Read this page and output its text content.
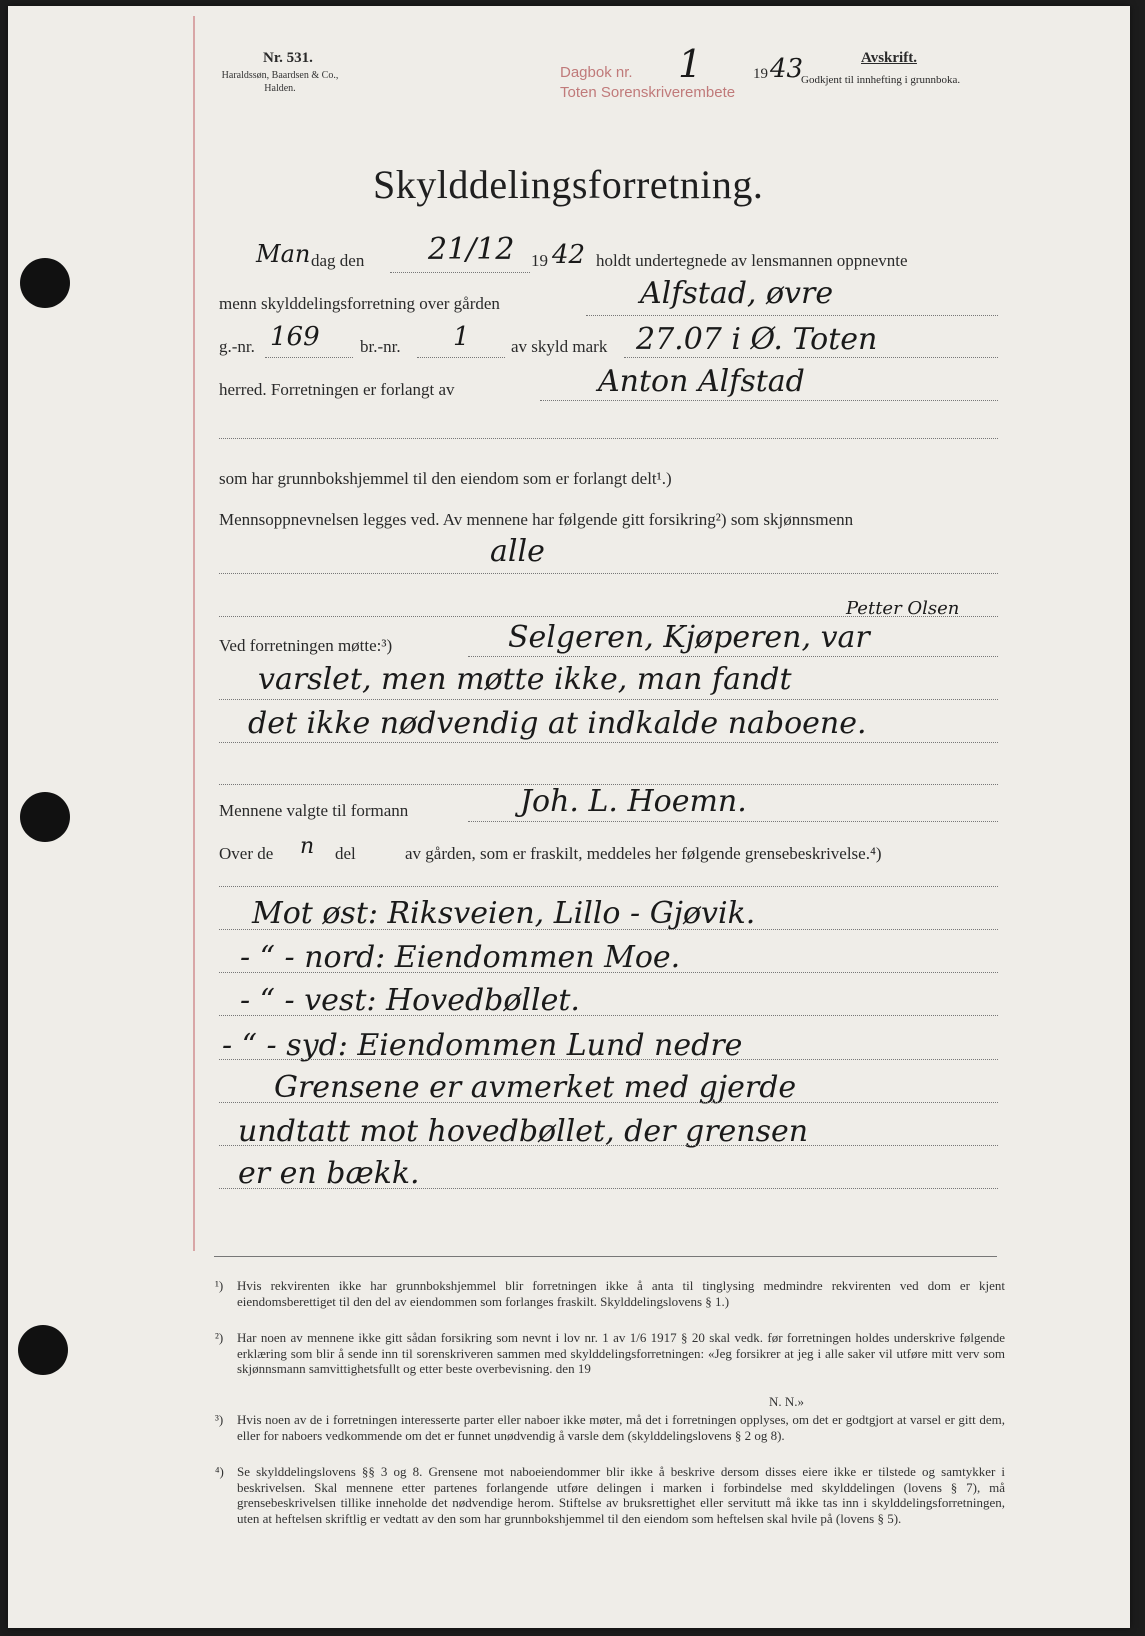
Nr. 531.
Haraldssøn, Baardsen & Co.,
Halden.
Dagbok nr.
Toten Sorenskriverembete
1	19 43	Avskrift.
Godkjent til innhefting i grunnboka.
Skylddelingsforretning.
Man dag den 21/12 19 42 holdt undertegnede av lensmannen oppnevnte
menn skylddelingsforretning over gården	Alfstad, øvre
g.-nr. 169 br.-nr. 1 av skyld mark 27.07 i Ø. Toten
herred. Forretningen er forlangt av	Anton Alfstad
som har grunnbokshjemmel til den eiendom som er forlangt delt¹.)
Mennsoppnevnelsen legges ved. Av mennene har følgende gitt forsikring²) som skjønnsmenn
alle
Petter Olsen
Ved forretningen møtte:³)	Selgeren, Kjøperen, var
varslet, men møtte ikke, man fandt
det ikke nødvendig at indkalde naboene.
Mennene valgte til formann	Joh. L. Hoemn.
Over de n del	av gården, som er fraskilt, meddeles her følgende grensebeskrivelse.⁴)
Mot øst: Riksveien, Lillo - Gjøvik.
- “ - nord: Eiendommen Moe.
- “ - vest: Hovedbøllet.
- “ - syd: Eiendommen Lund nedre
Grensene er avmerket med gjerde
undtatt mot hovedbøllet, der grensen
er en bækk.
¹) Hvis rekvirenten ikke har grunnbokshjemmel blir forretningen ikke å anta til tinglysing medmindre rekvirenten ved dom er kjent eiendomsberettiget til den del av eiendommen som forlanges fraskilt. Skylddelingslovens § 1.)
²) Har noen av mennene ikke gitt sådan forsikring som nevnt i lov nr. 1 av 1/6 1917 § 20 skal vedk. før forretningen holdes underskrive følgende erklæring som blir å sende inn til sorenskriveren sammen med skylddelingsforretningen: «Jeg forsikrer at jeg i alle saker vil utføre mitt verv som skjønnsmann samvittighetsfullt og etter beste overbevisning. den 19
N. N.»
³) Hvis noen av de i forretningen interesserte parter eller naboer ikke møter, må det i forretningen opplyses, om det er godtgjort at varsel er gitt dem, eller for naboers vedkommende om det er funnet unødvendig å varsle dem (skylddelingslovens § 2 og 8).
⁴) Se skylddelingslovens §§ 3 og 8. Grensene mot naboeiendommer blir ikke å beskrive dersom disses eiere ikke er tilstede og samtykker i beskrivelsen. Skal mennene etter partenes forlangende utføre delingen i marken i forbindelse med skylddelingen (lovens § 7), må grensebeskrivelsen tillike inneholde det nødvendige herom. Stiftelse av bruksrettighet eller servitutt må ikke tas inn i skylddelingsforretningen, uten at heftelsen skriftlig er vedtatt av den som har grunnbokshjemmel til den eiendom som heftelsen skal hvile på (lovens § 5).
